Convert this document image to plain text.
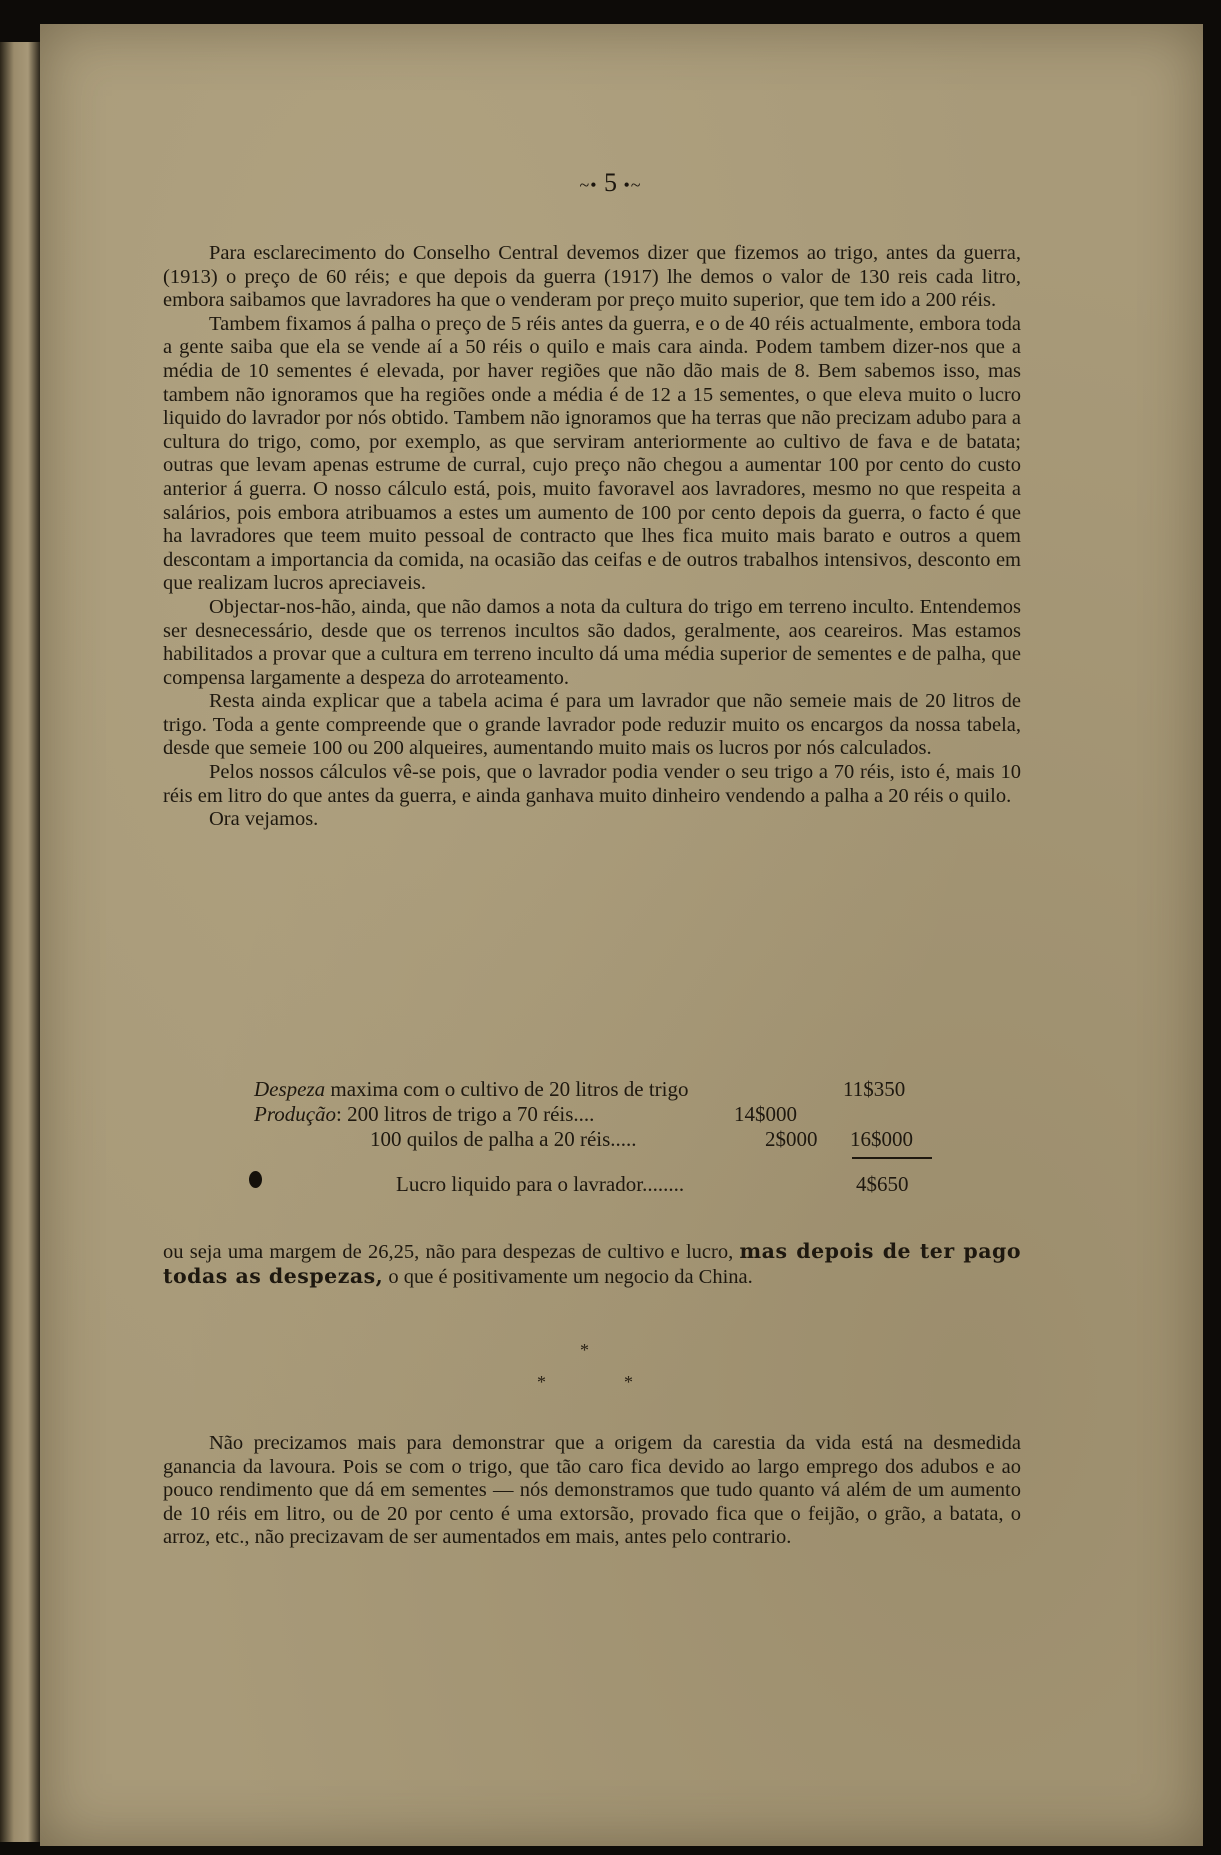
~• 5 •~

Para esclarecimento do Conselho Central devemos dizer que fizemos ao trigo, antes da guerra, (1913) o preço de 60 réis; e que depois da guerra (1917) lhe demos o valor de 130 reis cada litro, embora saibamos que lavradores ha que o venderam por preço muito superior, que tem ido a 200 réis.

Tambem fixamos á palha o preço de 5 réis antes da guerra, e o de 40 réis actualmente, embora toda a gente saiba que ela se vende aí a 50 réis o quilo e mais cara ainda. Podem tambem dizer-nos que a média de 10 sementes é elevada, por haver regiões que não dão mais de 8. Bem sabemos isso, mas tambem não ignoramos que ha regiões onde a média é de 12 a 15 sementes, o que eleva muito o lucro liquido do lavrador por nós obtido. Tambem não ignoramos que ha terras que não precizam adubo para a cultura do trigo, como, por exemplo, as que serviram anteriormente ao cultivo de fava e de batata; outras que levam apenas estrume de curral, cujo preço não chegou a aumentar 100 por cento do custo anterior á guerra. O nosso cálculo está, pois, muito favoravel aos lavradores, mesmo no que respeita a salários, pois embora atribuamos a estes um aumento de 100 por cento depois da guerra, o facto é que ha lavradores que teem muito pessoal de contracto que lhes fica muito mais barato e outros a quem descontam a importancia da comida, na ocasião das ceifas e de outros trabalhos intensivos, desconto em que realizam lucros apreciaveis.

Objectar-nos-hão, ainda, que não damos a nota da cultura do trigo em terreno inculto. Entendemos ser desnecessário, desde que os terrenos incultos são dados, geralmente, aos ceareiros. Mas estamos habilitados a provar que a cultura em terreno inculto dá uma média superior de sementes e de palha, que compensa largamente a despeza do arroteamento.

Resta ainda explicar que a tabela acima é para um lavrador que não semeie mais de 20 litros de trigo. Toda a gente compreende que o grande lavrador pode reduzir muito os encargos da nossa tabela, desde que semeie 100 ou 200 alqueires, aumentando muito mais os lucros por nós calculados.

Pelos nossos cálculos vê-se pois, que o lavrador podia vender o seu trigo a 70 réis, isto é, mais 10 réis em litro do que antes da guerra, e ainda ganhava muito dinheiro vendendo a palha a 20 réis o quilo.

Ora vejamos.

Despeza maxima com o cultivo de 20 litros de trigo	11$350
Produção: 200 litros de trigo a 70 réis....	14$000
100 quilos de palha a 20 réis.....	2$000 16$000
Lucro liquido para o lavrador........	4$650

ou seja uma margem de 26,25, não para despezas de cultivo e lucro, mas depois de ter pago todas as despezas, o que é positivamente um negocio da China.

*
*	*

Não precizamos mais para demonstrar que a origem da carestia da vida está na desmedida ganancia da lavoura. Pois se com o trigo, que tão caro fica devido ao largo emprego dos adubos e ao pouco rendimento que dá em sementes — nós demonstramos que tudo quanto vá além de um aumento de 10 réis em litro, ou de 20 por cento é uma extorsão, provado fica que o feijão, o grão, a batata, o arroz, etc., não precizavam de ser aumentados em mais, antes pelo contrario.
